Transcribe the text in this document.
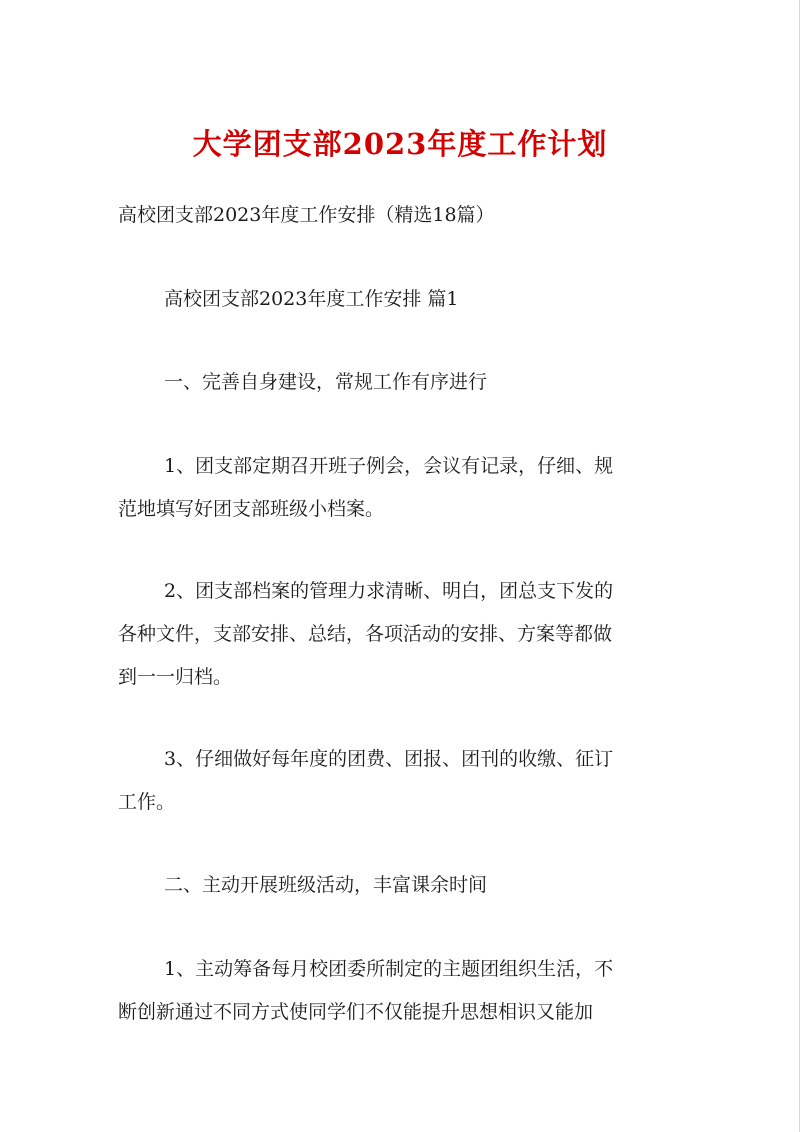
大学团支部2023年度工作计划
高校团支部2023年度工作安排（精选18篇）
高校团支部2023年度工作安排 篇1
一、完善自身建设，常规工作有序进行
1、团支部定期召开班子例会，会议有记录，仔细、规
范地填写好团支部班级小档案。
2、团支部档案的管理力求清晰、明白，团总支下发的
各种文件，支部安排、总结，各项活动的安排、方案等都做
到一一归档。
3、仔细做好每年度的团费、团报、团刊的收缴、征订
工作。
二、主动开展班级活动，丰富课余时间
1、主动筹备每月校团委所制定的主题团组织生活，不
断创新通过不同方式使同学们不仅能提升思想相识又能加
